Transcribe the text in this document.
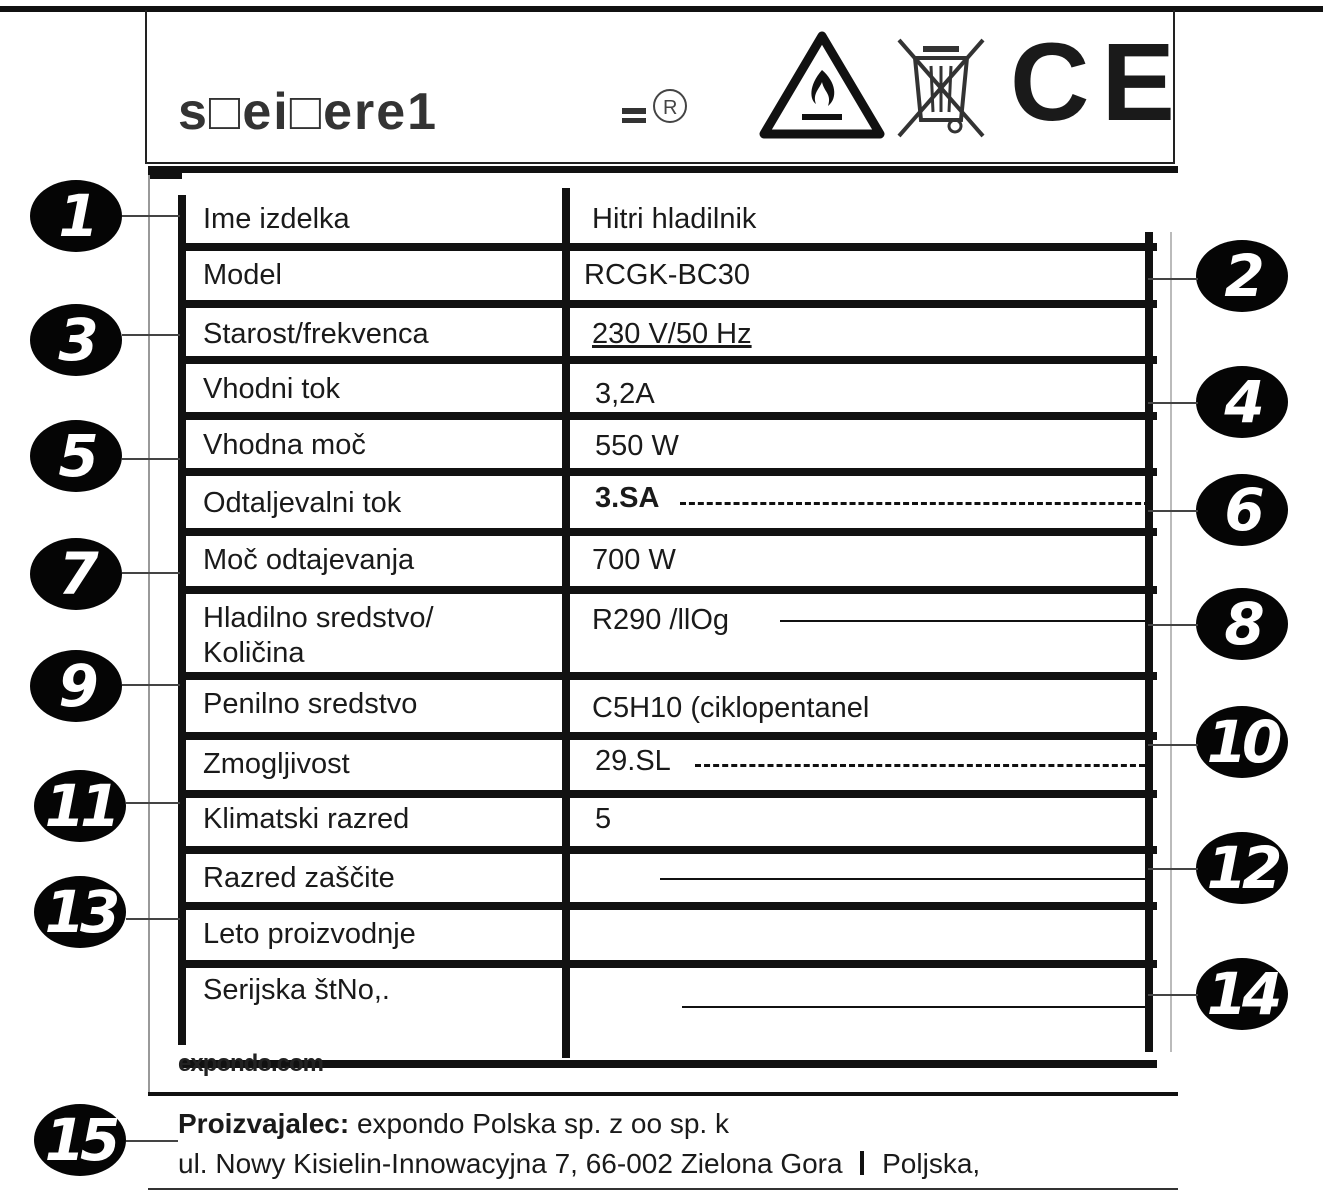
s□ei□ere1	R	CE
Ime izdelka
Model
Starost/frekvenca
Vhodni tok
Vhodna moč
Odtaljevalni tok
Moč odtajevanja
Hladilno sredstvo/
Količina
Penilno sredstvo
Zmogljivost
Klimatski razred
Razred zaščite
Leto proizvodnje
Serijska štNo,.
Hitri hladilnik
RCGK-BC30
230 V/50 Hz
3,2A
550 W
3.SA
700 W
R290 /llOg
C5H10 (ciklopentanel
29.SL
5
1
3
5
7
9
11
13
15
2
4
6
8
10
12
14
expondo.com
Proizvajalec: expondo Polska sp. z oo sp. k
ul. Nowy Kisielin-Innowacyjna 7, 66-002 Zielona Gora Poljska,
